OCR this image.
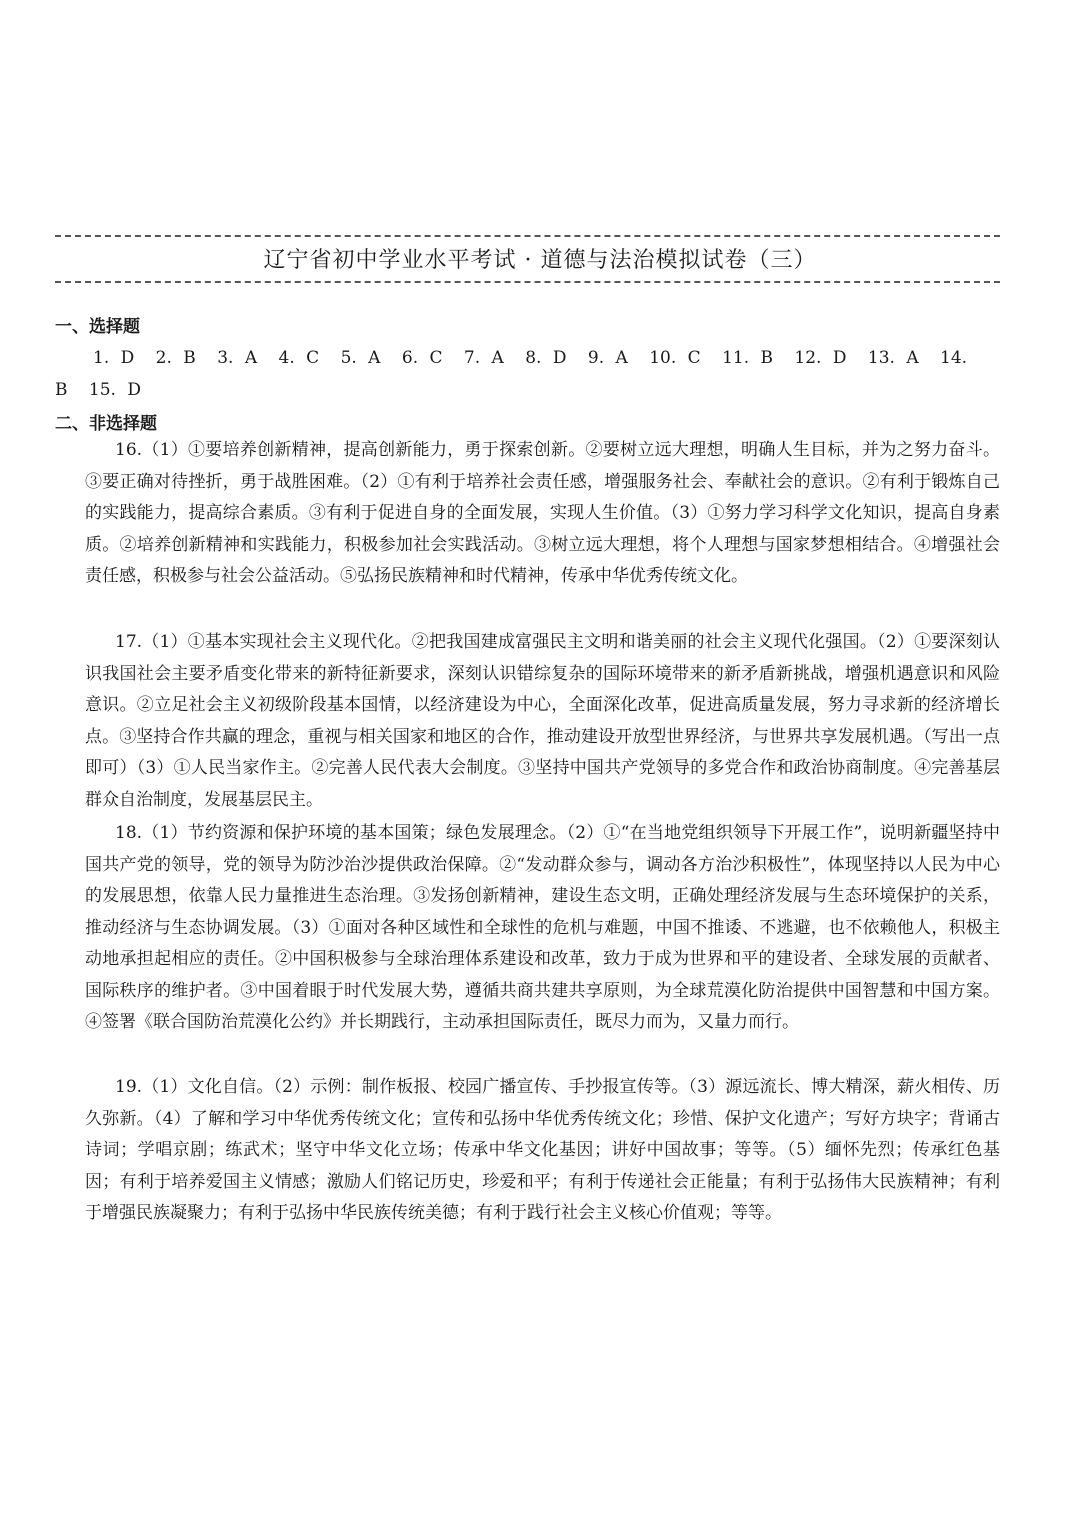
辽宁省初中学业水平考试 · 道德与法治模拟试卷（三）
一、选择题
1. D 2. B 3. A 4. C 5. A 6. C 7. A 8. D 9. A 10. C 11. B 12. D 13. A 14. B 15. D
二、非选择题

16.（1）①要培养创新精神，提高创新能力，勇于探索创新。②要树立远大理想，明确人生目标，并为之努力奋斗。③要正确对待挫折，勇于战胜困难。（2）①有利于培养社会责任感，增强服务社会、奉献社会的意识。②有利于锻炼自己的实践能力，提高综合素质。③有利于促进自身的全面发展，实现人生价值。（3）①努力学习科学文化知识，提高自身素质。②培养创新精神和实践能力，积极参加社会实践活动。③树立远大理想，将个人理想与国家梦想相结合。④增强社会责任感，积极参与社会公益活动。⑤弘扬民族精神和时代精神，传承中华优秀传统文化。

17.（1）①基本实现社会主义现代化。②把我国建成富强民主文明和谐美丽的社会主义现代化强国。（2）①要深刻认识我国社会主要矛盾变化带来的新特征新要求，深刻认识错综复杂的国际环境带来的新矛盾新挑战，增强机遇意识和风险意识。②立足社会主义初级阶段基本国情，以经济建设为中心，全面深化改革，促进高质量发展，努力寻求新的经济增长点。③坚持合作共赢的理念，重视与相关国家和地区的合作，推动建设开放型世界经济，与世界共享发展机遇。（写出一点即可）（3）①人民当家作主。②完善人民代表大会制度。③坚持中国共产党领导的多党合作和政治协商制度。④完善基层群众自治制度，发展基层民主。

18.（1）节约资源和保护环境的基本国策；绿色发展理念。（2）①“在当地党组织领导下开展工作”，说明新疆坚持中国共产党的领导，党的领导为防沙治沙提供政治保障。②“发动群众参与，调动各方治沙积极性”，体现坚持以人民为中心的发展思想，依靠人民力量推进生态治理。③发扬创新精神，建设生态文明，正确处理经济发展与生态环境保护的关系，推动经济与生态协调发展。（3）①面对各种区域性和全球性的危机与难题，中国不推诿、不逃避，也不依赖他人，积极主动地承担起相应的责任。②中国积极参与全球治理体系建设和改革，致力于成为世界和平的建设者、全球发展的贡献者、国际秩序的维护者。③中国着眼于时代发展大势，遵循共商共建共享原则，为全球荒漠化防治提供中国智慧和中国方案。④签署《联合国防治荒漠化公约》并长期践行，主动承担国际责任，既尽力而为，又量力而行。

19.（1）文化自信。（2）示例：制作板报、校园广播宣传、手抄报宣传等。（3）源远流长、博大精深，薪火相传、历久弥新。（4）了解和学习中华优秀传统文化；宣传和弘扬中华优秀传统文化；珍惜、保护文化遗产；写好方块字；背诵古诗词；学唱京剧；练武术；坚守中华文化立场；传承中华文化基因；讲好中国故事；等等。（5）缅怀先烈；传承红色基因；有利于培养爱国主义情感；激励人们铭记历史，珍爱和平；有利于传递社会正能量；有利于弘扬伟大民族精神；有利于增强民族凝聚力；有利于弘扬中华民族传统美德；有利于践行社会主义核心价值观；等等。
